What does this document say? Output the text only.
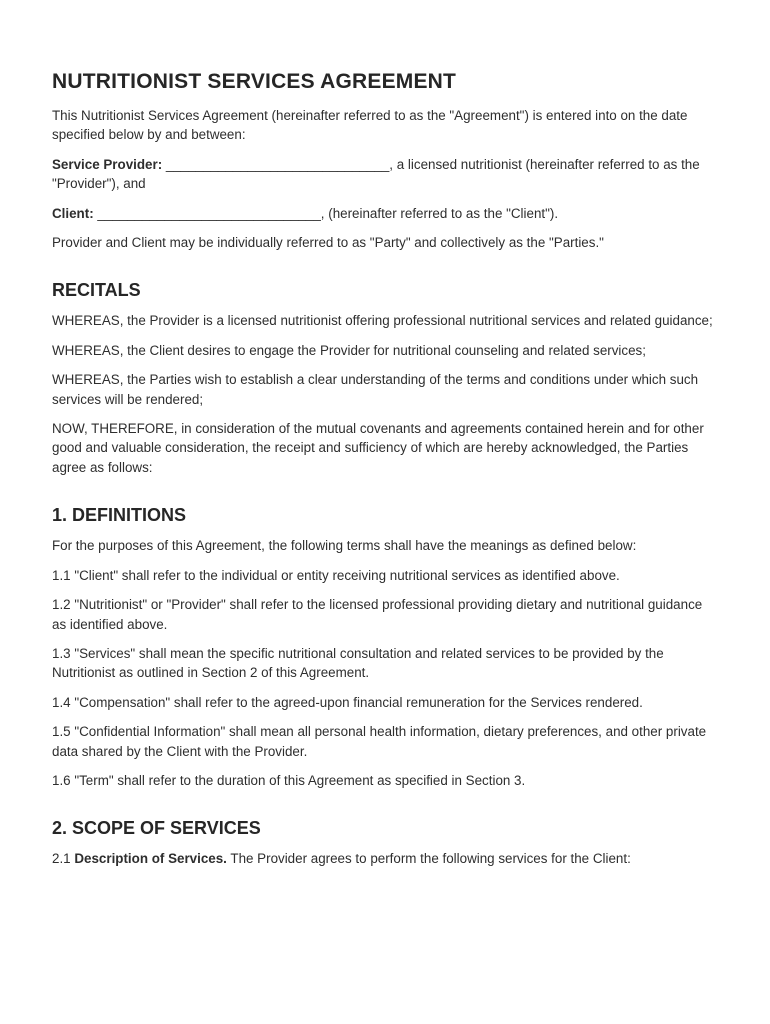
NUTRITIONIST SERVICES AGREEMENT

This Nutritionist Services Agreement (hereinafter referred to as the "Agreement") is entered into on the date specified below by and between:

Service Provider: ______________________________, a licensed nutritionist (hereinafter referred to as the "Provider"), and

Client: ______________________________, (hereinafter referred to as the "Client").

Provider and Client may be individually referred to as "Party" and collectively as the "Parties."

RECITALS

WHEREAS, the Provider is a licensed nutritionist offering professional nutritional services and related guidance;

WHEREAS, the Client desires to engage the Provider for nutritional counseling and related services;

WHEREAS, the Parties wish to establish a clear understanding of the terms and conditions under which such services will be rendered;

NOW, THEREFORE, in consideration of the mutual covenants and agreements contained herein and for other good and valuable consideration, the receipt and sufficiency of which are hereby acknowledged, the Parties agree as follows:

1. DEFINITIONS

For the purposes of this Agreement, the following terms shall have the meanings as defined below:

1.1 "Client" shall refer to the individual or entity receiving nutritional services as identified above.

1.2 "Nutritionist" or "Provider" shall refer to the licensed professional providing dietary and nutritional guidance as identified above.

1.3 "Services" shall mean the specific nutritional consultation and related services to be provided by the Nutritionist as outlined in Section 2 of this Agreement.

1.4 "Compensation" shall refer to the agreed-upon financial remuneration for the Services rendered.

1.5 "Confidential Information" shall mean all personal health information, dietary preferences, and other private data shared by the Client with the Provider.

1.6 "Term" shall refer to the duration of this Agreement as specified in Section 3.

2. SCOPE OF SERVICES

2.1 Description of Services. The Provider agrees to perform the following services for the Client:
